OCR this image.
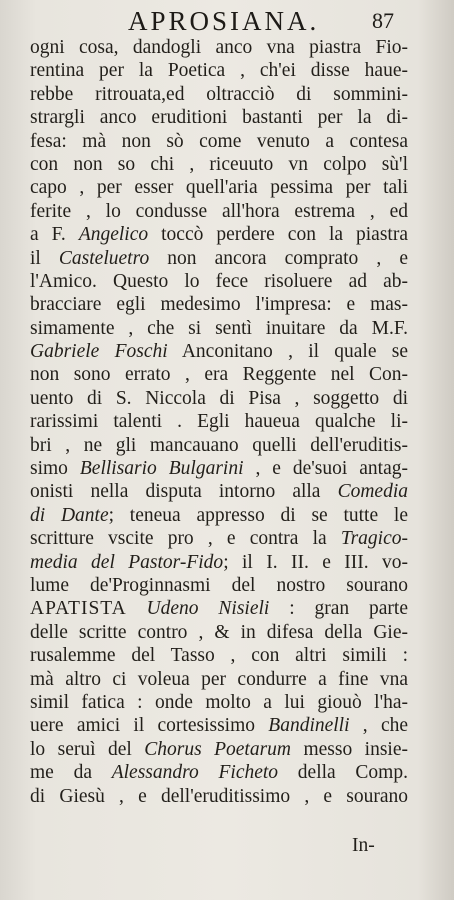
APROSIANA. 87
ogni cosa, dandogli anco vna piastra Fio-
rentina per la Poetica , ch'ei disse haue-
rebbe ritrouata,ed oltracciò di sommini-
strargli anco eruditioni bastanti per la di-
fesa: mà non sò come venuto a contesa
con non so chi , riceuuto vn colpo sù'l
capo , per esser quell'aria pessima per tali
ferite , lo condusse all'hora estrema , ed
a F. Angelico toccò perdere con la piastra
il Casteluetro non ancora comprato , e
l'Amico. Questo lo fece risoluere ad ab-
bracciare egli medesimo l'impresa: e mas-
simamente , che si sentì inuitare da M.F.
Gabriele Foschi Anconitano , il quale se
non sono errato , era Reggente nel Con-
uento di S. Niccola di Pisa , soggetto di
rarissimi talenti . Egli haueua qualche li-
bri , ne gli mancauano quelli dell'eruditis-
simo Bellisario Bulgarini , e de'suoi antag-
onisti nella disputa intorno alla Comedia
di Dante; teneua appresso di se tutte le
scritture vscite pro , e contra la Tragico-
media del Pastor-Fido; il I. II. e III. vo-
lume de'Proginnasmi del nostro sourano
APATISTA Udeno Nisieli : gran parte
delle scritte contro , & in difesa della Gie-
rusalemme del Tasso , con altri simili :
mà altro ci voleua per condurre a fine vna
simil fatica : onde molto a lui giouò l'ha-
uere amici il cortesissimo Bandinelli , che
lo seruì del Chorus Poetarum messo insie-
me da Alessandro Ficheto della Comp.
di Giesù , e dell'eruditissimo , e sourano
In-
